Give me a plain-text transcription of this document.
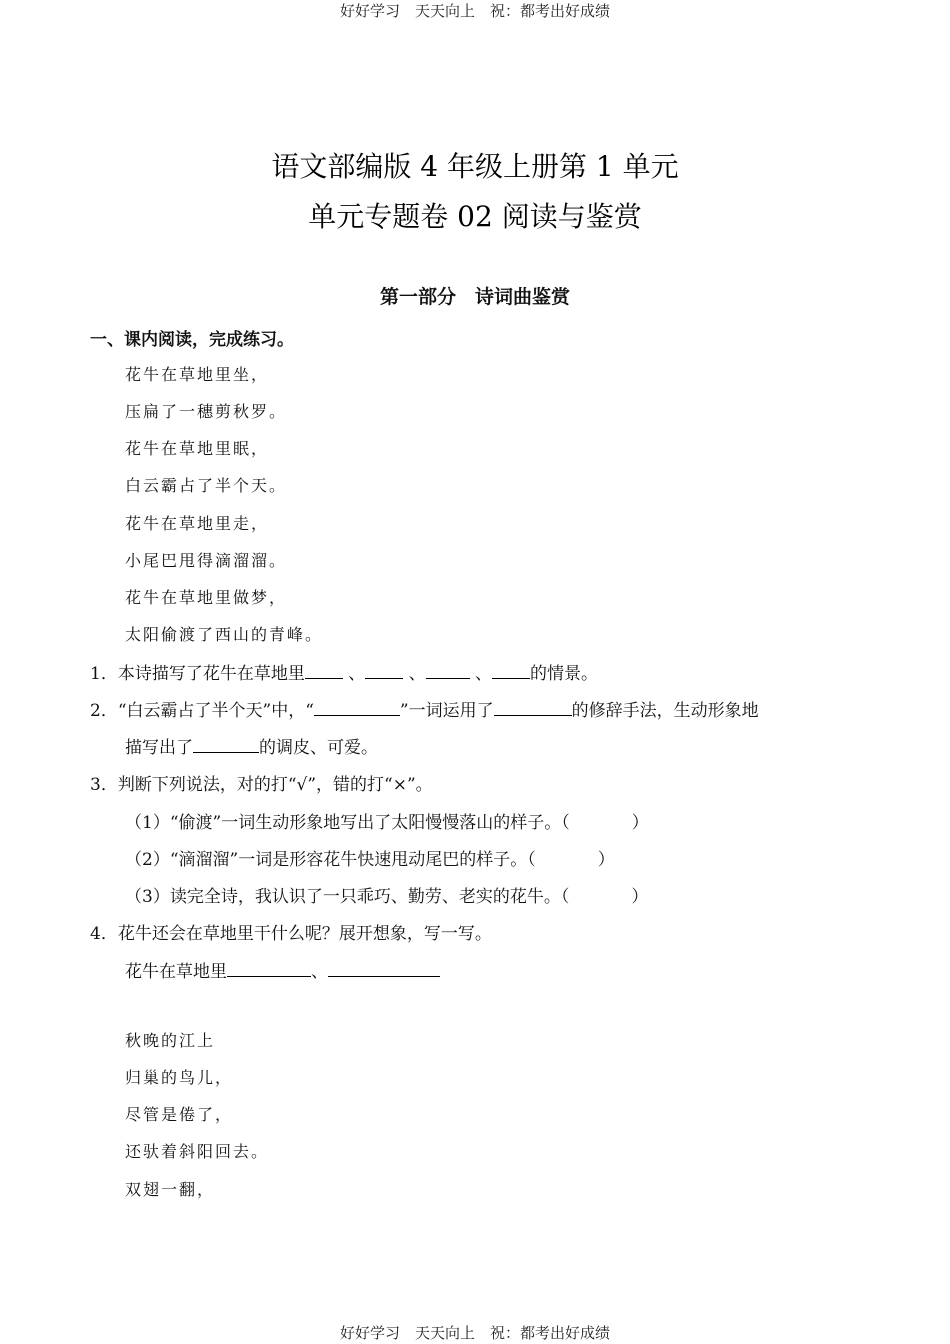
好好学习　天天向上　祝：都考出好成绩
语文部编版 4 年级上册第 1 单元
单元专题卷 02 阅读与鉴赏
第一部分　诗词曲鉴赏
一、课内阅读，完成练习。
花牛在草地里坐，
压扁了一穗剪秋罗。
花牛在草地里眠，
白云霸占了半个天。
花牛在草地里走，
小尾巴甩得滴溜溜。
花牛在草地里做梦，
太阳偷渡了西山的青峰。
1．本诗描写了花牛在草地里	、	、	、 的情景。
2．“白云霸占了半个天”中，“	”一词运用了	的修辞手法，生动形象地
描写出了	的调皮、可爱。
3．判断下列说法，对的打“√”，错的打“×”。
（1）“偷渡”一词生动形象地写出了太阳慢慢落山的样子。（	）
（2）“滴溜溜”一词是形容花牛快速甩动尾巴的样子。（	）
（3）读完全诗，我认识了一只乖巧、勤劳、老实的花牛。（	）
4．花牛还会在草地里干什么呢？展开想象，写一写。
花牛在草地里	、
秋晚的江上
归巢的鸟儿，
尽管是倦了，
还驮着斜阳回去。
双翅一翻，
好好学习　天天向上　祝：都考出好成绩
